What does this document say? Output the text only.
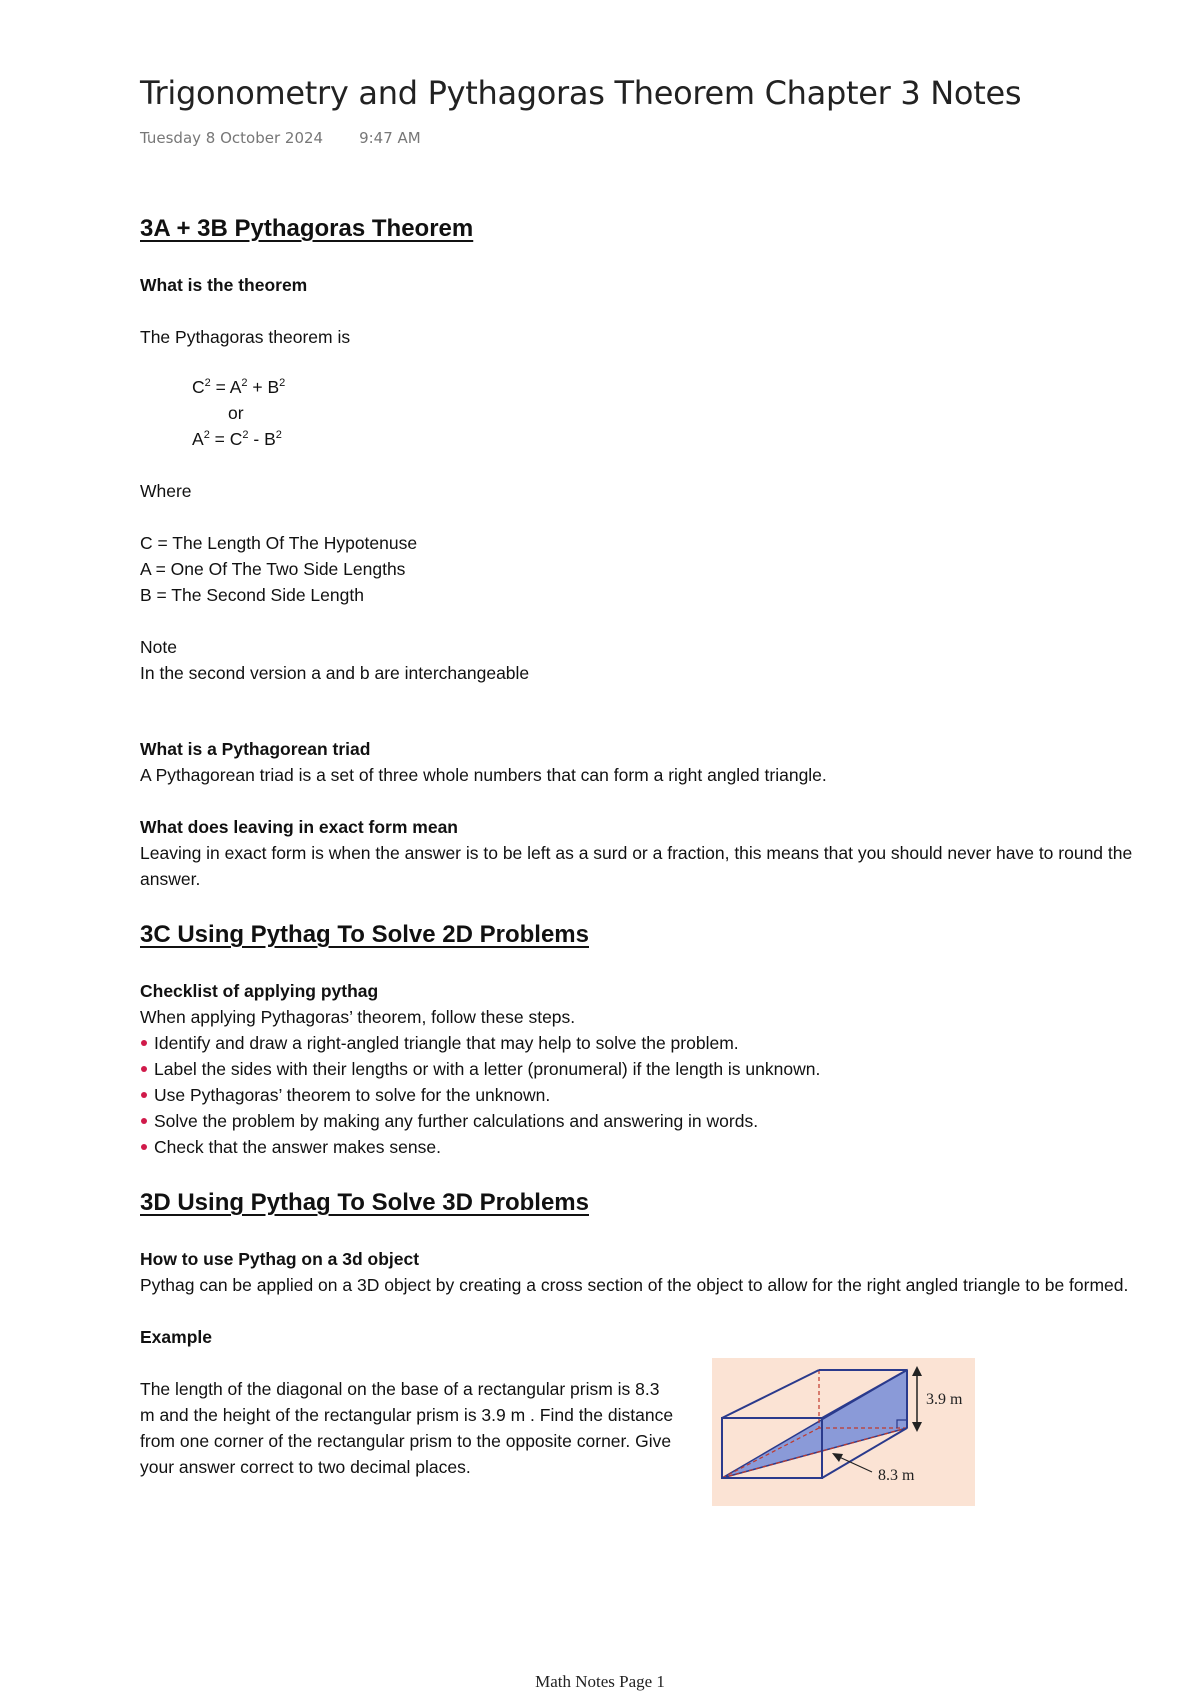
Trigonometry and Pythagoras Theorem Chapter 3 Notes
Tuesday 8 October 2024 9:47 AM
3A + 3B Pythagoras Theorem

What is the theorem

The Pythagoras theorem is

$C^2 = A^2 + B^2$

or

$A^2 = C^2 - B^2$

Where

C = The Length Of The Hypotenuse

A = One Of The Two Side Lengths

B = The Second Side Length

Note

In the second version a and b are interchangeable

What is a Pythagorean triad

A Pythagorean triad is a set of three whole numbers that can form a right angled triangle.

What does leaving in exact form mean

Leaving in exact form is when the answer is to be left as a surd or a fraction, this means that you should never have to round the answer.

3C Using Pythag To Solve 2D Problems

Checklist of applying pythag

When applying Pythagoras’ theorem, follow these steps.

Identify and draw a right-angled triangle that may help to solve the problem.
Label the sides with their lengths or with a letter (pronumeral) if the length is unknown.
Use Pythagoras’ theorem to solve for the unknown.
Solve the problem by making any further calculations and answering in words.
Check that the answer makes sense.
3D Using Pythag To Solve 3D Problems

How to use Pythag on a 3d object

Pythag can be applied on a 3D object by creating a cross section of the object to allow for the right angled triangle to be formed.

Example

The length of the diagonal on the base of a rectangular prism is 8.3 m and the height of the rectangular prism is 3.9 m . Find the distance from one corner of the rectangular prism to the opposite corner. Give your answer correct to two decimal places.

3.9 m
8.3 m
Math Notes Page 1
